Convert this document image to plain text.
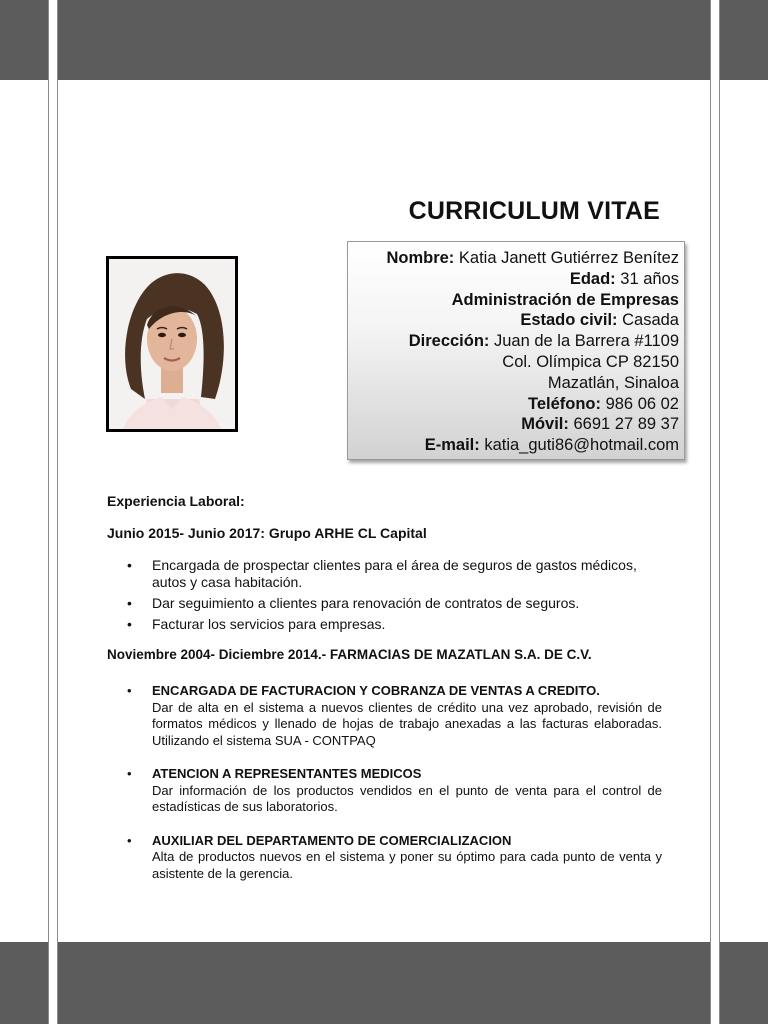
CURRICULUM VITAE
Nombre: Katia Janett Gutiérrez Benítez
Edad: 31 años
Administración de Empresas
Estado civil: Casada
Dirección: Juan de la Barrera #1109
Col. Olímpica CP 82150
Mazatlán, Sinaloa
Teléfono: 986 06 02
Móvil: 6691 27 89 37
E-mail: katia_guti86@hotmail.com
Experiencia Laboral:
Junio 2015- Junio 2017: Grupo ARHE CL Capital
• Encargada de prospectar clientes para el área de seguros de gastos médicos, autos y casa habitación.
• Dar seguimiento a clientes para renovación de contratos de seguros.
• Facturar los servicios para empresas.
Noviembre 2004- Diciembre 2014.- FARMACIAS DE MAZATLAN S.A. DE C.V.
• ENCARGADA DE FACTURACION Y COBRANZA DE VENTAS A CREDITO.
Dar de alta en el sistema a nuevos clientes de crédito una vez aprobado, revisión de formatos médicos y llenado de hojas de trabajo anexadas a las facturas elaboradas. Utilizando el sistema SUA - CONTPAQ
• ATENCION A REPRESENTANTES MEDICOS
Dar información de los productos vendidos en el punto de venta para el control de estadísticas de sus laboratorios.
• AUXILIAR DEL DEPARTAMENTO DE COMERCIALIZACION
Alta de productos nuevos en el sistema y poner su óptimo para cada punto de venta y asistente de la gerencia.
